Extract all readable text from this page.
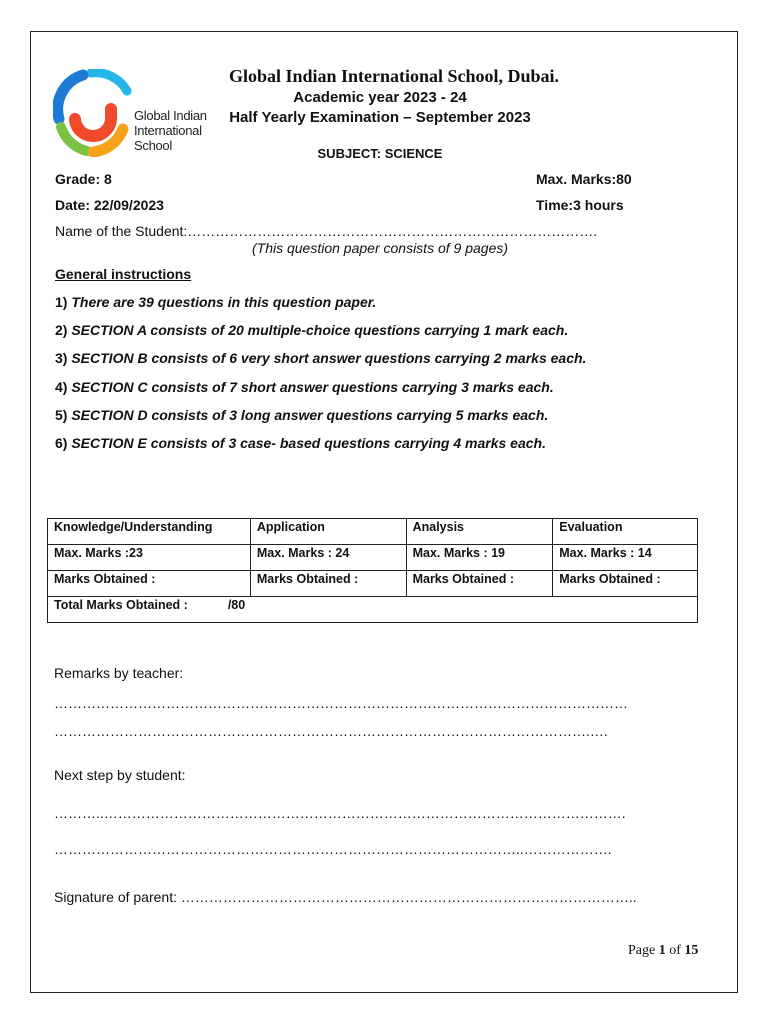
Global Indian
International
School
Global Indian International School, Dubai.
Academic year 2023 - 24
Half Yearly Examination – September 2023
SUBJECT: SCIENCE
Grade: 8	Max. Marks:80
Date: 22/09/2023	Time:3 hours
Name of the Student:…………………………………………………………………………….
(This question paper consists of 9 pages)
General instructions
1) There are 39 questions in this question paper.
2) SECTION A consists of 20 multiple-choice questions carrying 1 mark each.
3) SECTION B consists of 6 very short answer questions carrying 2 marks each.
4) SECTION C consists of 7 short answer questions carrying 3 marks each.
5) SECTION D consists of 3 long answer questions carrying 5 marks each.
6) SECTION E consists of 3 case- based questions carrying 4 marks each.
Knowledge/Understanding	Application	Analysis	Evaluation
Max. Marks :23	Max. Marks : 24	Max. Marks : 19	Max. Marks : 14
Marks Obtained :	Marks Obtained :	Marks Obtained :	Marks Obtained :
Total Marks Obtained : /80			
Remarks by teacher:
……………………………………………………………………………………………………………
…………………………………………………………………………………………………….….
Next step by student:
………..………………………………………………………………………………………………….
………………………………………………………………………………………..……………….
Signature of parent: ……………………………………………………………………………………..
Page 1 of 15
